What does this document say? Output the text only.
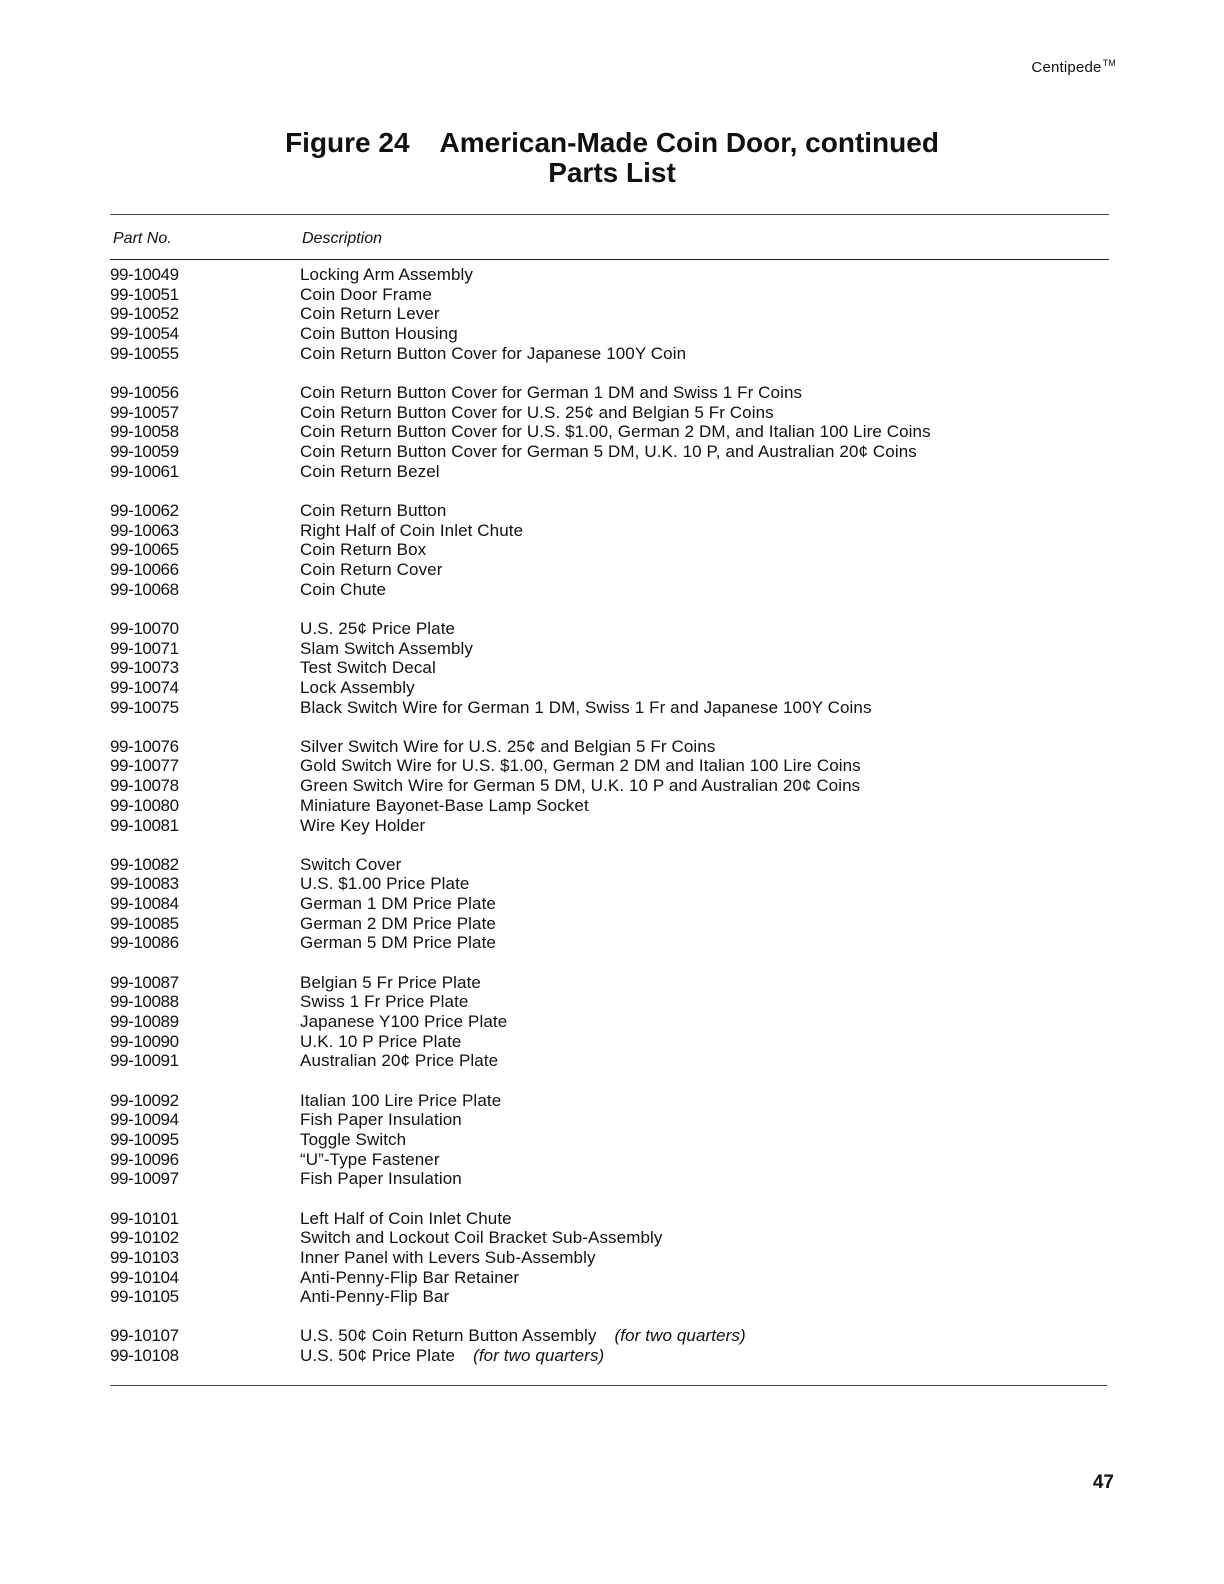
Centipede™
Figure 24 American-Made Coin Door, continued
Parts List
Part No.	Description
99-10049	Locking Arm Assembly
99-10051	Coin Door Frame
99-10052	Coin Return Lever
99-10054	Coin Button Housing
99-10055	Coin Return Button Cover for Japanese 100Y Coin
99-10056	Coin Return Button Cover for German 1 DM and Swiss 1 Fr Coins
99-10057	Coin Return Button Cover for U.S. 25¢ and Belgian 5 Fr Coins
99-10058	Coin Return Button Cover for U.S. $1.00, German 2 DM, and Italian 100 Lire Coins
99-10059	Coin Return Button Cover for German 5 DM, U.K. 10 P, and Australian 20¢ Coins
99-10061	Coin Return Bezel
99-10062	Coin Return Button
99-10063	Right Half of Coin Inlet Chute
99-10065	Coin Return Box
99-10066	Coin Return Cover
99-10068	Coin Chute
99-10070	U.S. 25¢ Price Plate
99-10071	Slam Switch Assembly
99-10073	Test Switch Decal
99-10074	Lock Assembly
99-10075	Black Switch Wire for German 1 DM, Swiss 1 Fr and Japanese 100Y Coins
99-10076	Silver Switch Wire for U.S. 25¢ and Belgian 5 Fr Coins
99-10077	Gold Switch Wire for U.S. $1.00, German 2 DM and Italian 100 Lire Coins
99-10078	Green Switch Wire for German 5 DM, U.K. 10 P and Australian 20¢ Coins
99-10080	Miniature Bayonet-Base Lamp Socket
99-10081	Wire Key Holder
99-10082	Switch Cover
99-10083	U.S. $1.00 Price Plate
99-10084	German 1 DM Price Plate
99-10085	German 2 DM Price Plate
99-10086	German 5 DM Price Plate
99-10087	Belgian 5 Fr Price Plate
99-10088	Swiss 1 Fr Price Plate
99-10089	Japanese Y100 Price Plate
99-10090	U.K. 10 P Price Plate
99-10091	Australian 20¢ Price Plate
99-10092	Italian 100 Lire Price Plate
99-10094	Fish Paper Insulation
99-10095	Toggle Switch
99-10096	“U”-Type Fastener
99-10097	Fish Paper Insulation
99-10101	Left Half of Coin Inlet Chute
99-10102	Switch and Lockout Coil Bracket Sub-Assembly
99-10103	Inner Panel with Levers Sub-Assembly
99-10104	Anti-Penny-Flip Bar Retainer
99-10105	Anti-Penny-Flip Bar
99-10107	U.S. 50¢ Coin Return Button Assembly (for two quarters)
99-10108	U.S. 50¢ Price Plate (for two quarters)
47
